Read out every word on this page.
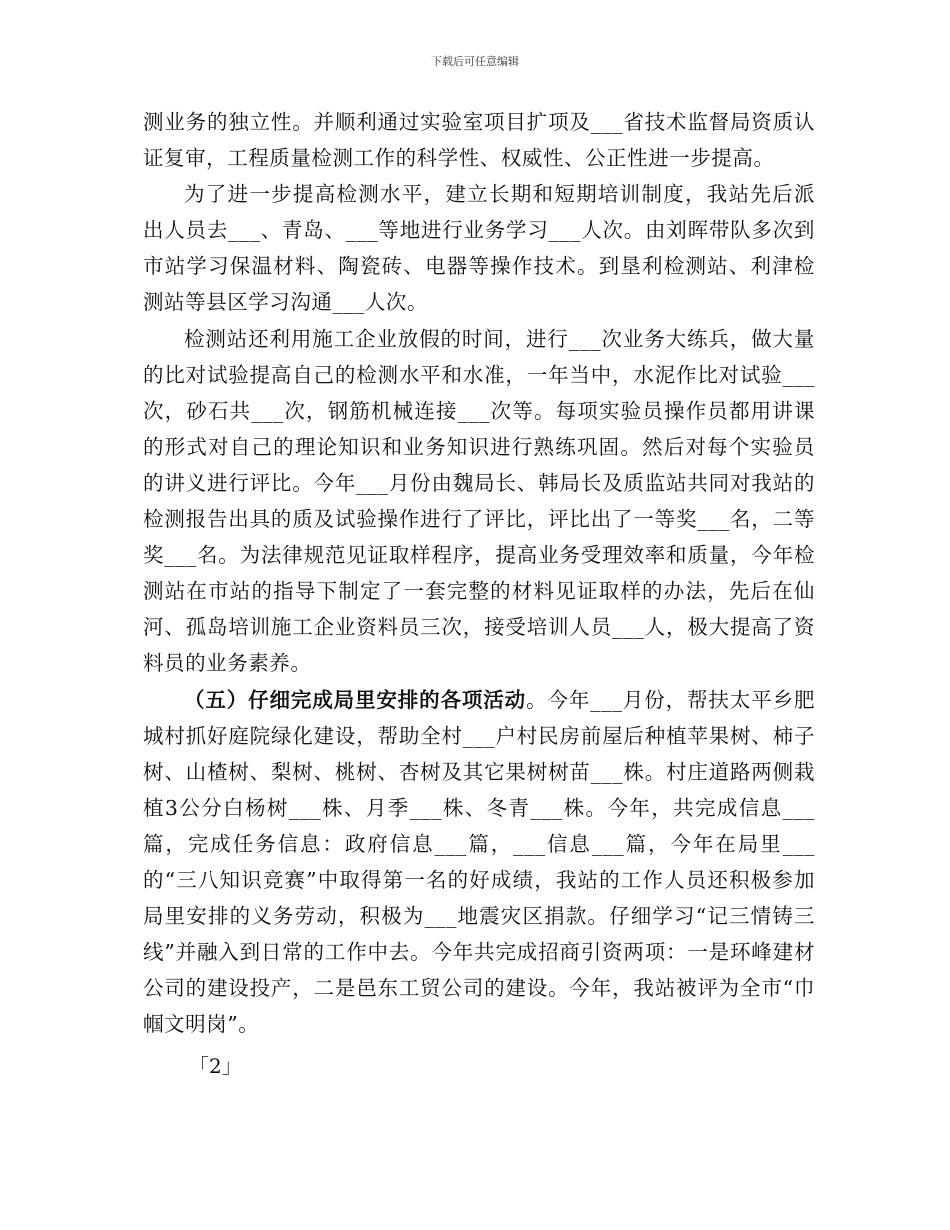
下载后可任意编辑

测业务的独立性。并顺利通过实验室项目扩项及___省技术监督局资质认证复审，工程质量检测工作的科学性、权威性、公正性进一步提高。

为了进一步提高检测水平，建立长期和短期培训制度，我站先后派出人员去___、青岛、___等地进行业务学习___人次。由刘晖带队多次到市站学习保温材料、陶瓷砖、电器等操作技术。到垦利检测站、利津检测站等县区学习沟通___人次。

检测站还利用施工企业放假的时间，进行___次业务大练兵，做大量的比对试验提高自己的检测水平和水准，一年当中，水泥作比对试验___次，砂石共___次，钢筋机械连接___次等。每项实验员操作员都用讲课的形式对自己的理论知识和业务知识进行熟练巩固。然后对每个实验员的讲义进行评比。今年___月份由魏局长、韩局长及质监站共同对我站的检测报告出具的质及试验操作进行了评比，评比出了一等奖___名，二等奖___名。为法律规范见证取样程序，提高业务受理效率和质量，今年检测站在市站的指导下制定了一套完整的材料见证取样的办法，先后在仙河、孤岛培训施工企业资料员三次，接受培训人员___人，极大提高了资料员的业务素养。

（五）仔细完成局里安排的各项活动。今年___月份，帮扶太平乡肥城村抓好庭院绿化建设，帮助全村___户村民房前屋后种植苹果树、柿子树、山楂树、梨树、桃树、杏树及其它果树树苗___株。村庄道路两侧栽植3公分白杨树___株、月季___株、冬青___株。今年，共完成信息___篇，完成任务信息：政府信息___篇，___信息___篇，今年在局里___的“三八知识竞赛”中取得第一名的好成绩，我站的工作人员还积极参加局里安排的义务劳动，积极为___地震灾区捐款。仔细学习“记三情铸三线”并融入到日常的工作中去。今年共完成招商引资两项：一是环峰建材公司的建设投产，二是邑东工贸公司的建设。今年，我站被评为全市“巾帼文明岗”。

「2」
